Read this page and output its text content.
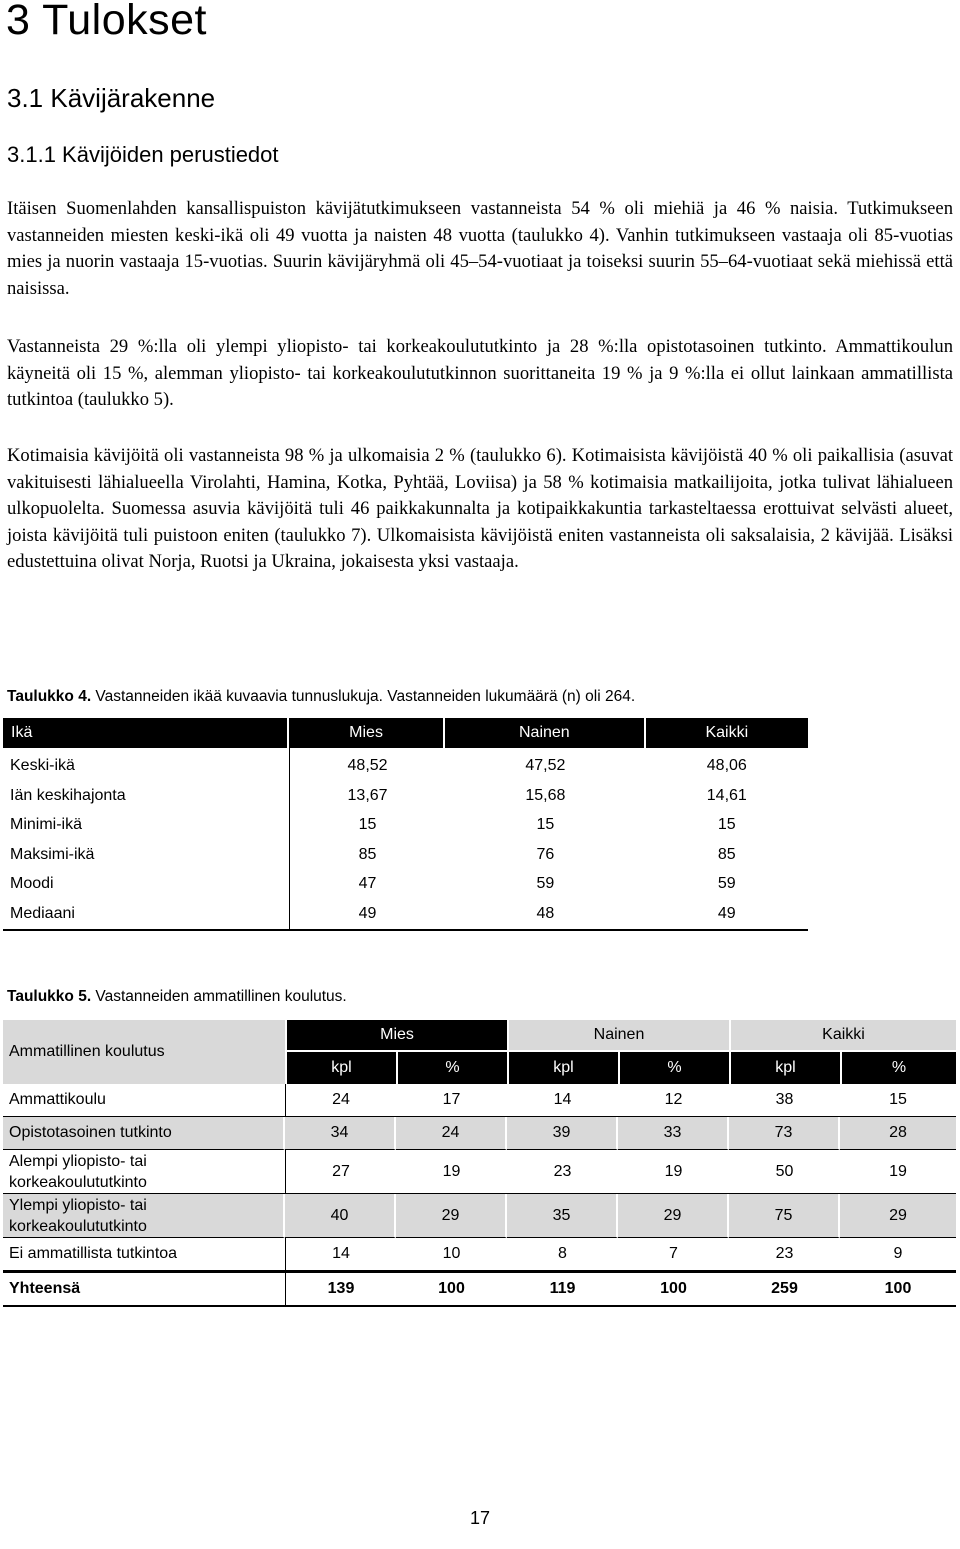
3 Tulokset
3.1 Kävijärakenne
3.1.1 Kävijöiden perustiedot

Itäisen Suomenlahden kansallispuiston kävijätutkimukseen vastanneista 54 % oli miehiä ja 46 % naisia. Tutkimukseen vastanneiden miesten keski-ikä oli 49 vuotta ja naisten 48 vuotta (taulukko 4). Vanhin tutkimukseen vastaaja oli 85-vuotias mies ja nuorin vastaaja 15-vuotias. Suurin kävijäryhmä oli 45–54-vuotiaat ja toiseksi suurin 55–64-vuotiaat sekä miehissä että naisissa.

Vastanneista 29 %:lla oli ylempi yliopisto- tai korkeakoulututkinto ja 28 %:lla opistotasoinen tutkinto. Ammattikoulun käyneitä oli 15 %, alemman yliopisto- tai korkeakoulututkinnon suorittaneita 19 % ja 9 %:lla ei ollut lainkaan ammatillista tutkintoa (taulukko 5).

Kotimaisia kävijöitä oli vastanneista 98 % ja ulkomaisia 2 % (taulukko 6). Kotimaisista kävijöistä 40 % oli paikallisia (asuvat vakituisesti lähialueella Virolahti, Hamina, Kotka, Pyhtää, Loviisa) ja 58 % kotimaisia matkailijoita, jotka tulivat lähialueen ulkopuolelta. Suomessa asuvia kävijöitä tuli 46 paikkakunnalta ja kotipaikkakuntia tarkasteltaessa erottuivat selvästi alueet, joista kävijöitä tuli puistoon eniten (taulukko 7). Ulkomaisista kävijöistä eniten vastanneista oli saksalaisia, 2 kävijää. Lisäksi edustettuina olivat Norja, Ruotsi ja Ukraina, jokaisesta yksi vastaaja.

Taulukko 4. Vastanneiden ikää kuvaavia tunnuslukuja. Vastanneiden lukumäärä (n) oli 264.

Ikä	Mies	Nainen	Kaikki
Keski-ikä	48,52	47,52	48,06
Iän keskihajonta	13,67	15,68	14,61
Minimi-ikä	15	15	15
Maksimi-ikä	85	76	85
Moodi	47	59	59
Mediaani	49	48	49

Taulukko 5. Vastanneiden ammatillinen koulutus.

Ammatillinen koulutus	Mies		Nainen		Kaikki	
	kpl	%	kpl	%	kpl	%
Ammattikoulu	24	17	14	12	38	15
Opistotasoinen tutkinto	34	24	39	33	73	28
Alempi yliopisto- tai korkeakoulututkinto	27	19	23	19	50	19
Ylempi yliopisto- tai korkeakoulututkinto	40	29	35	29	75	29
Ei ammatillista tutkintoa	14	10	8	7	23	9
Yhteensä	139	100	119	100	259	100
17
